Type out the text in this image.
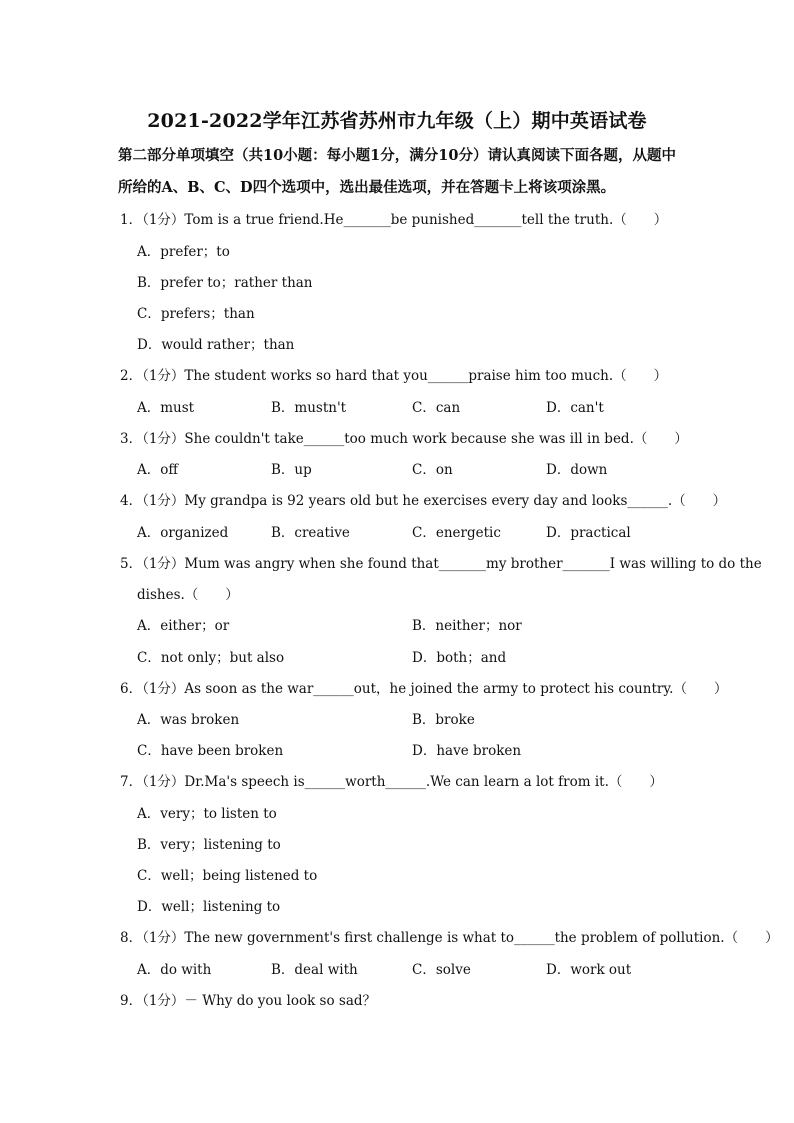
2021-2022学年江苏省苏州市九年级（上）期中英语试卷
第二部分单项填空（共10小题：每小题1分，满分10分）请认真阅读下面各题，从题中
所给的A、B、C、D四个选项中，选出最佳选项，并在答题卡上将该项涂黑。
1．（1分）Tom is a true friend.He_______be punished_______tell the truth.（　　）
A．prefer；to
B．prefer to；rather than
C．prefers；than
D．would rather；than
2．（1分）The student works so hard that you______praise him too much.（　　）
A．must	B．mustn't	C．can	D．can't
3．（1分）She couldn't take______too much work because she was ill in bed.（　　）
A．off	B．up	C．on	D．down
4．（1分）My grandpa is 92 years old but he exercises every day and looks______.（　　）
A．organized	B．creative	C．energetic	D．practical
5．（1分）Mum was angry when she found that_______my brother_______I was willing to do the
dishes.（　　）
A．either；or	B．neither；nor
C．not only；but also	D．both；and
6．（1分）As soon as the war______out，he joined the army to protect his country.（　　）
A．was broken	B．broke
C．have been broken	D．have broken
7．（1分）Dr.Ma's speech is______worth______.We can learn a lot from it.（　　）
A．very；to listen to
B．very；listening to
C．well；being listened to
D．well；listening to
8．（1分）The new government's first challenge is what to______the problem of pollution.（　　）
A．do with	B．deal with	C．solve	D．work out
9．（1分）－ Why do you look so sad？
